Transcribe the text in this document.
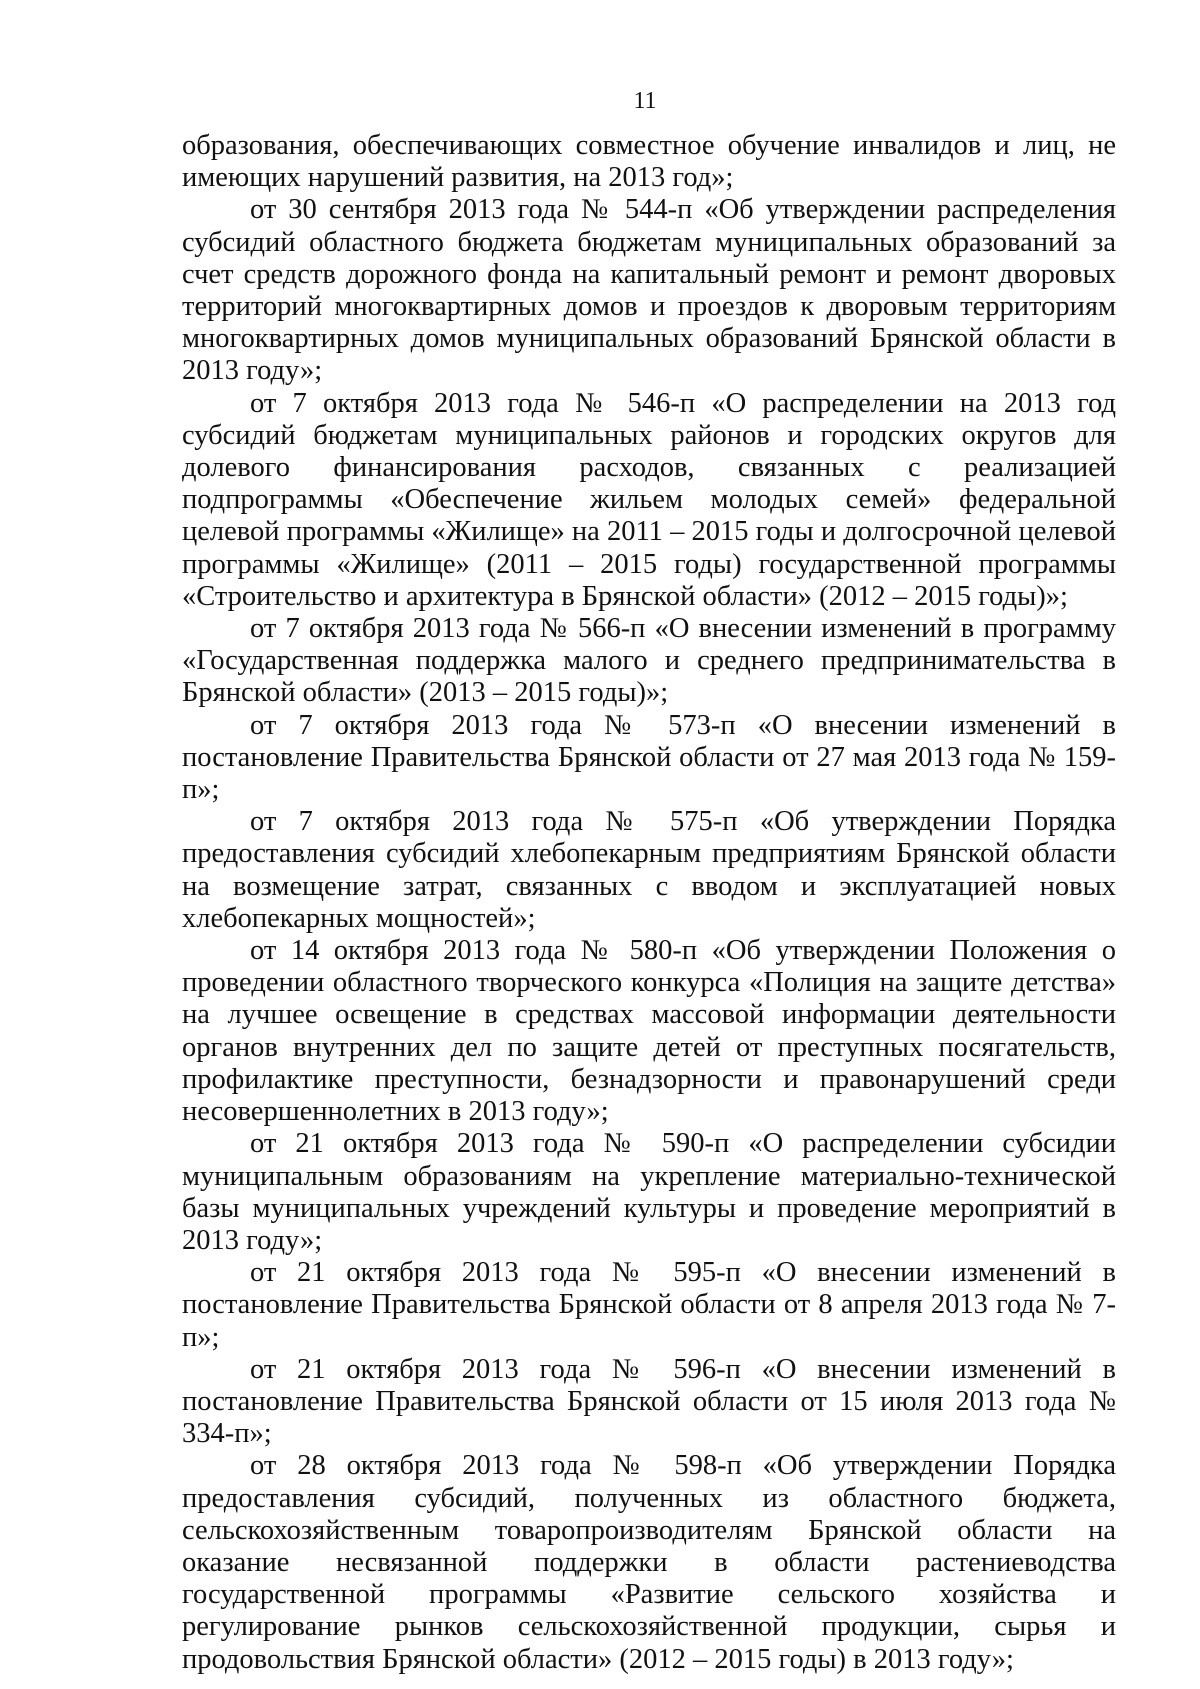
11

образования, обеспечивающих совместное обучение инвалидов и лиц, не имеющих нарушений развития, на 2013 год»;

от 30 сентября 2013 года № 544-п «Об утверждении распределения субсидий областного бюджета бюджетам муниципальных образований за счет средств дорожного фонда на капитальный ремонт и ремонт дворовых территорий многоквартирных домов и проездов к дворовым территориям многоквартирных домов муниципальных образований Брянской области в 2013 году»;

от 7 октября 2013 года № 546-п «О распределении на 2013 год субсидий бюджетам муниципальных районов и городских округов для долевого финансирования расходов, связанных с реализацией подпрограммы «Обеспечение жильем молодых семей» федеральной целевой программы «Жилище» на 2011 – 2015 годы и долгосрочной целевой программы «Жилище» (2011 – 2015 годы) государственной программы «Строительство и архитектура в Брянской области» (2012 – 2015 годы)»;

от 7 октября 2013 года № 566-п «О внесении изменений в программу «Государственная поддержка малого и среднего предпринимательства в Брянской области» (2013 – 2015 годы)»;

от 7 октября 2013 года № 573-п «О внесении изменений в постановление Правительства Брянской области от 27 мая 2013 года № 159-п»;

от 7 октября 2013 года № 575-п «Об утверждении Порядка предоставления субсидий хлебопекарным предприятиям Брянской области на возмещение затрат, связанных с вводом и эксплуатацией новых хлебопекарных мощностей»;

от 14 октября 2013 года № 580-п «Об утверждении Положения о проведении областного творческого конкурса «Полиция на защите детства» на лучшее освещение в средствах массовой информации деятельности органов внутренних дел по защите детей от преступных посягательств, профилактике преступности, безнадзорности и правонарушений среди несовершеннолетних в 2013 году»;

от 21 октября 2013 года № 590-п «О распределении субсидии муниципальным образованиям на укрепление материально-технической базы муниципальных учреждений культуры и проведение мероприятий в 2013 году»;

от 21 октября 2013 года № 595-п «О внесении изменений в постановление Правительства Брянской области от 8 апреля 2013 года № 7-п»;

от 21 октября 2013 года № 596-п «О внесении изменений в постановление Правительства Брянской области от 15 июля 2013 года № 334-п»;

от 28 октября 2013 года № 598-п «Об утверждении Порядка предоставления субсидий, полученных из областного бюджета, сельскохозяйственным товаропроизводителям Брянской области на оказание несвязанной поддержки в области растениеводства государственной программы «Развитие сельского хозяйства и регулирование рынков сельскохозяйственной продукции, сырья и продовольствия Брянской области» (2012 – 2015 годы) в 2013 году»;
